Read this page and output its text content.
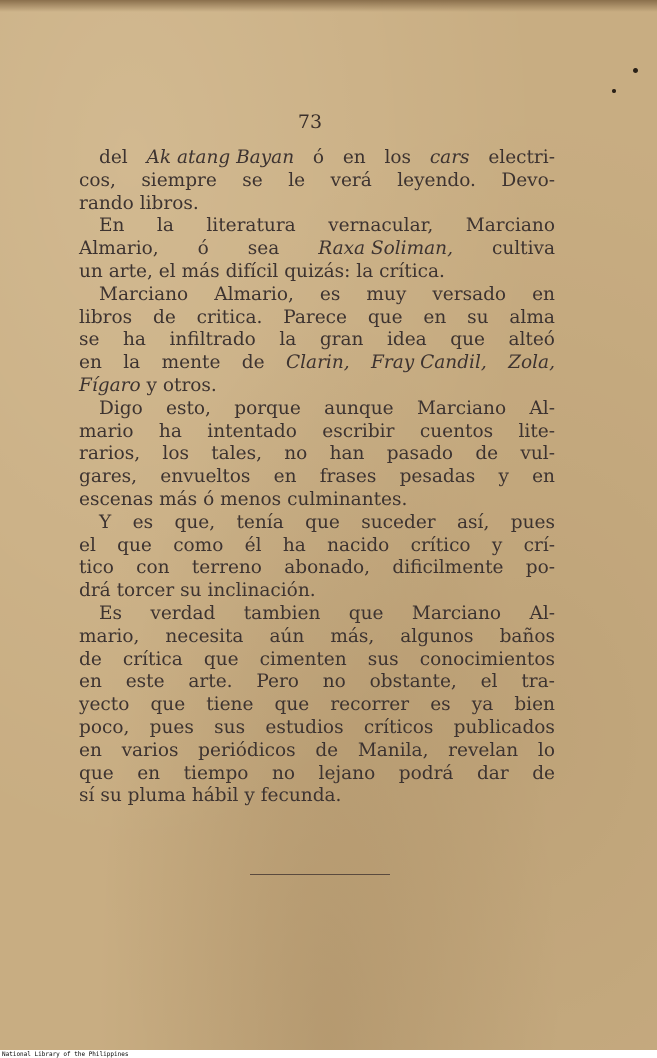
73
del Ak atang Bayan ó en los cars electri-
cos, siempre se le verá leyendo. Devo-
rando libros.
En la literatura vernacular, Marciano
Almario, ó sea Raxa Soliman, cultiva
un arte, el más difícil quizás: la crítica.
Marciano Almario, es muy versado en
libros de critica. Parece que en su alma
se ha infiltrado la gran idea que alteó
en la mente de Clarin, Fray Candil, Zola,
Fígaro y otros.
Digo esto, porque aunque Marciano Al-
mario ha intentado escribir cuentos lite-
rarios, los tales, no han pasado de vul-
gares, envueltos en frases pesadas y en
escenas más ó menos culminantes.
Y es que, tenía que suceder así, pues
el que como él ha nacido crítico y crí-
tico con terreno abonado, dificilmente po-
drá torcer su inclinación.
Es verdad tambien que Marciano Al-
mario, necesita aún más, algunos baños
de crítica que cimenten sus conocimientos
en este arte. Pero no obstante, el tra-
yecto que tiene que recorrer es ya bien
poco, pues sus estudios críticos publicados
en varios periódicos de Manila, revelan lo
que en tiempo no lejano podrá dar de
sí su pluma hábil y fecunda.
National Library of the Philippines
